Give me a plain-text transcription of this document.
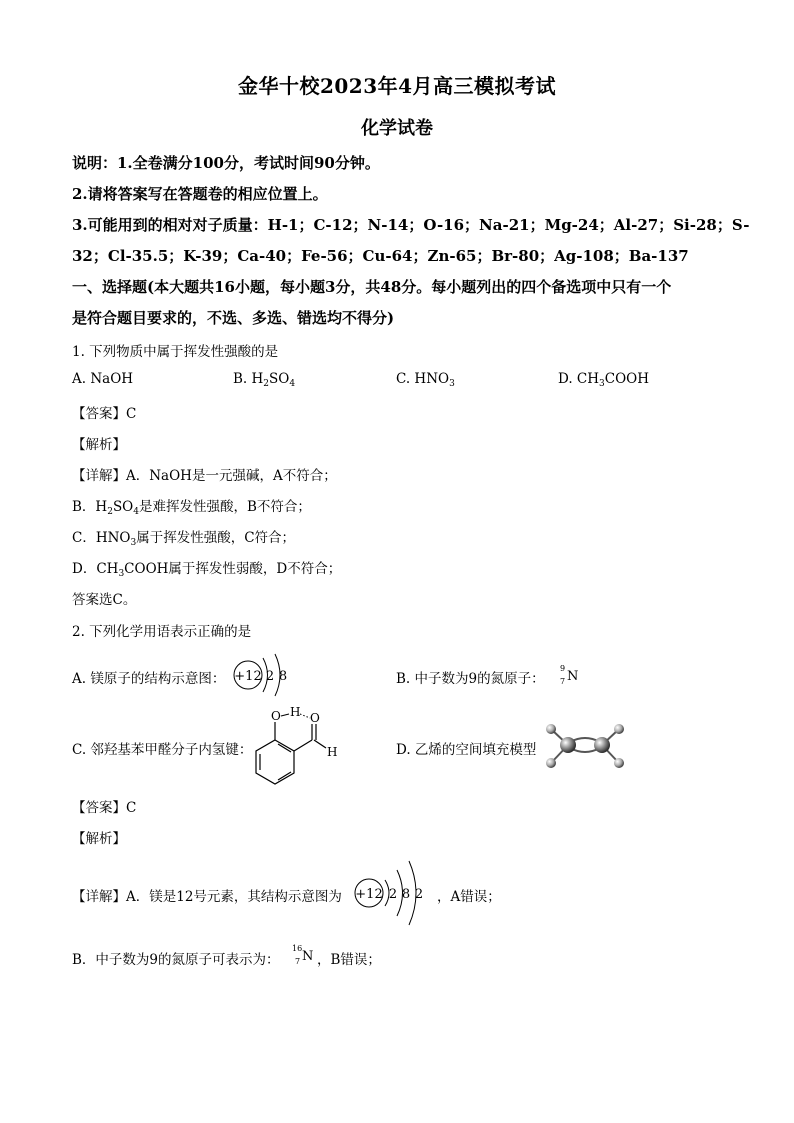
金华十校2023年4月高三模拟考试
化学试卷
说明：1.全卷满分100分，考试时间90分钟。
2.请将答案写在答题卷的相应位置上。
3.可能用到的相对对子质量：H-1；C-12；N-14；O-16；Na-21；Mg-24；Al-27；Si-28；S-
32；Cl-35.5；K-39；Ca-40；Fe-56；Cu-64；Zn-65；Br-80；Ag-108；Ba-137
一、选择题(本大题共16小题，每小题3分，共48分。每小题列出的四个备选项中只有一个
是符合题目要求的，不选、多选、错选均不得分)
1. 下列物质中属于挥发性强酸的是
A. NaOH	B. $H_2SO_4$	C. $HNO_3$	D. $CH_3COOH$
【答案】C
【解析】
【详解】A．NaOH是一元强碱，A不符合；
B．$H_2SO_4$是难挥发性强酸，B不符合；
C．$HNO_3$属于挥发性强酸，C符合；
D．$CH_3COOH$属于挥发性弱酸，D不符合；
答案选C。
2. 下列化学用语表示正确的是
A. 镁原子的结构示意图： +12 2 8	B. 中子数为9的氮原子：
9
7 N
C. 邻羟基苯甲醛分子内氢键：
O H O
H	D. 乙烯的空间填充模型
【答案】C
【解析】
【详解】A．镁是12号元素，其结构示意图为 +12 2 8 2 ，A错误；
B．中子数为9的氮原子可表示为：
16
7 N ，B错误；
